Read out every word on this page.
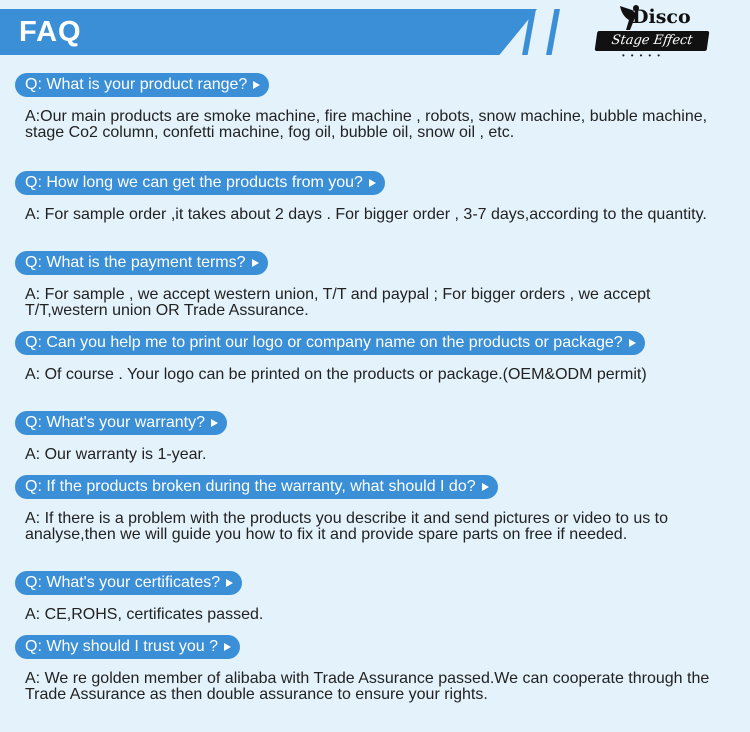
FAQ	Disco
Stage Effect
•••••
Q: What is your product range?
A:Our main products are smoke machine, fire machine , robots, snow machine, bubble machine, stage Co2 column, confetti machine, fog oil, bubble oil, snow oil , etc.
Q: How long we can get the products from you?
A: For sample order ,it takes about 2 days . For bigger order , 3-7 days,according to the quantity.
Q: What is the payment terms?
A: For sample , we accept western union, T/T and paypal ; For bigger orders , we accept T/T,western union OR Trade Assurance.
Q: Can you help me to print our logo or company name on the products or package?
A: Of course . Your logo can be printed on the products or package.(OEM&ODM permit)
Q: What's your warranty?
A: Our warranty is 1-year.
Q: If the products broken during the warranty, what should I do?
A: If there is a problem with the products you describe it and send pictures or video to us to analyse,then we will guide you how to fix it and provide spare parts on free if needed.
Q: What's your certificates?
A: CE,ROHS, certificates passed.
Q: Why should I trust you ?
A: We re golden member of alibaba with Trade Assurance passed.We can cooperate through the Trade Assurance as then double assurance to ensure your rights.
